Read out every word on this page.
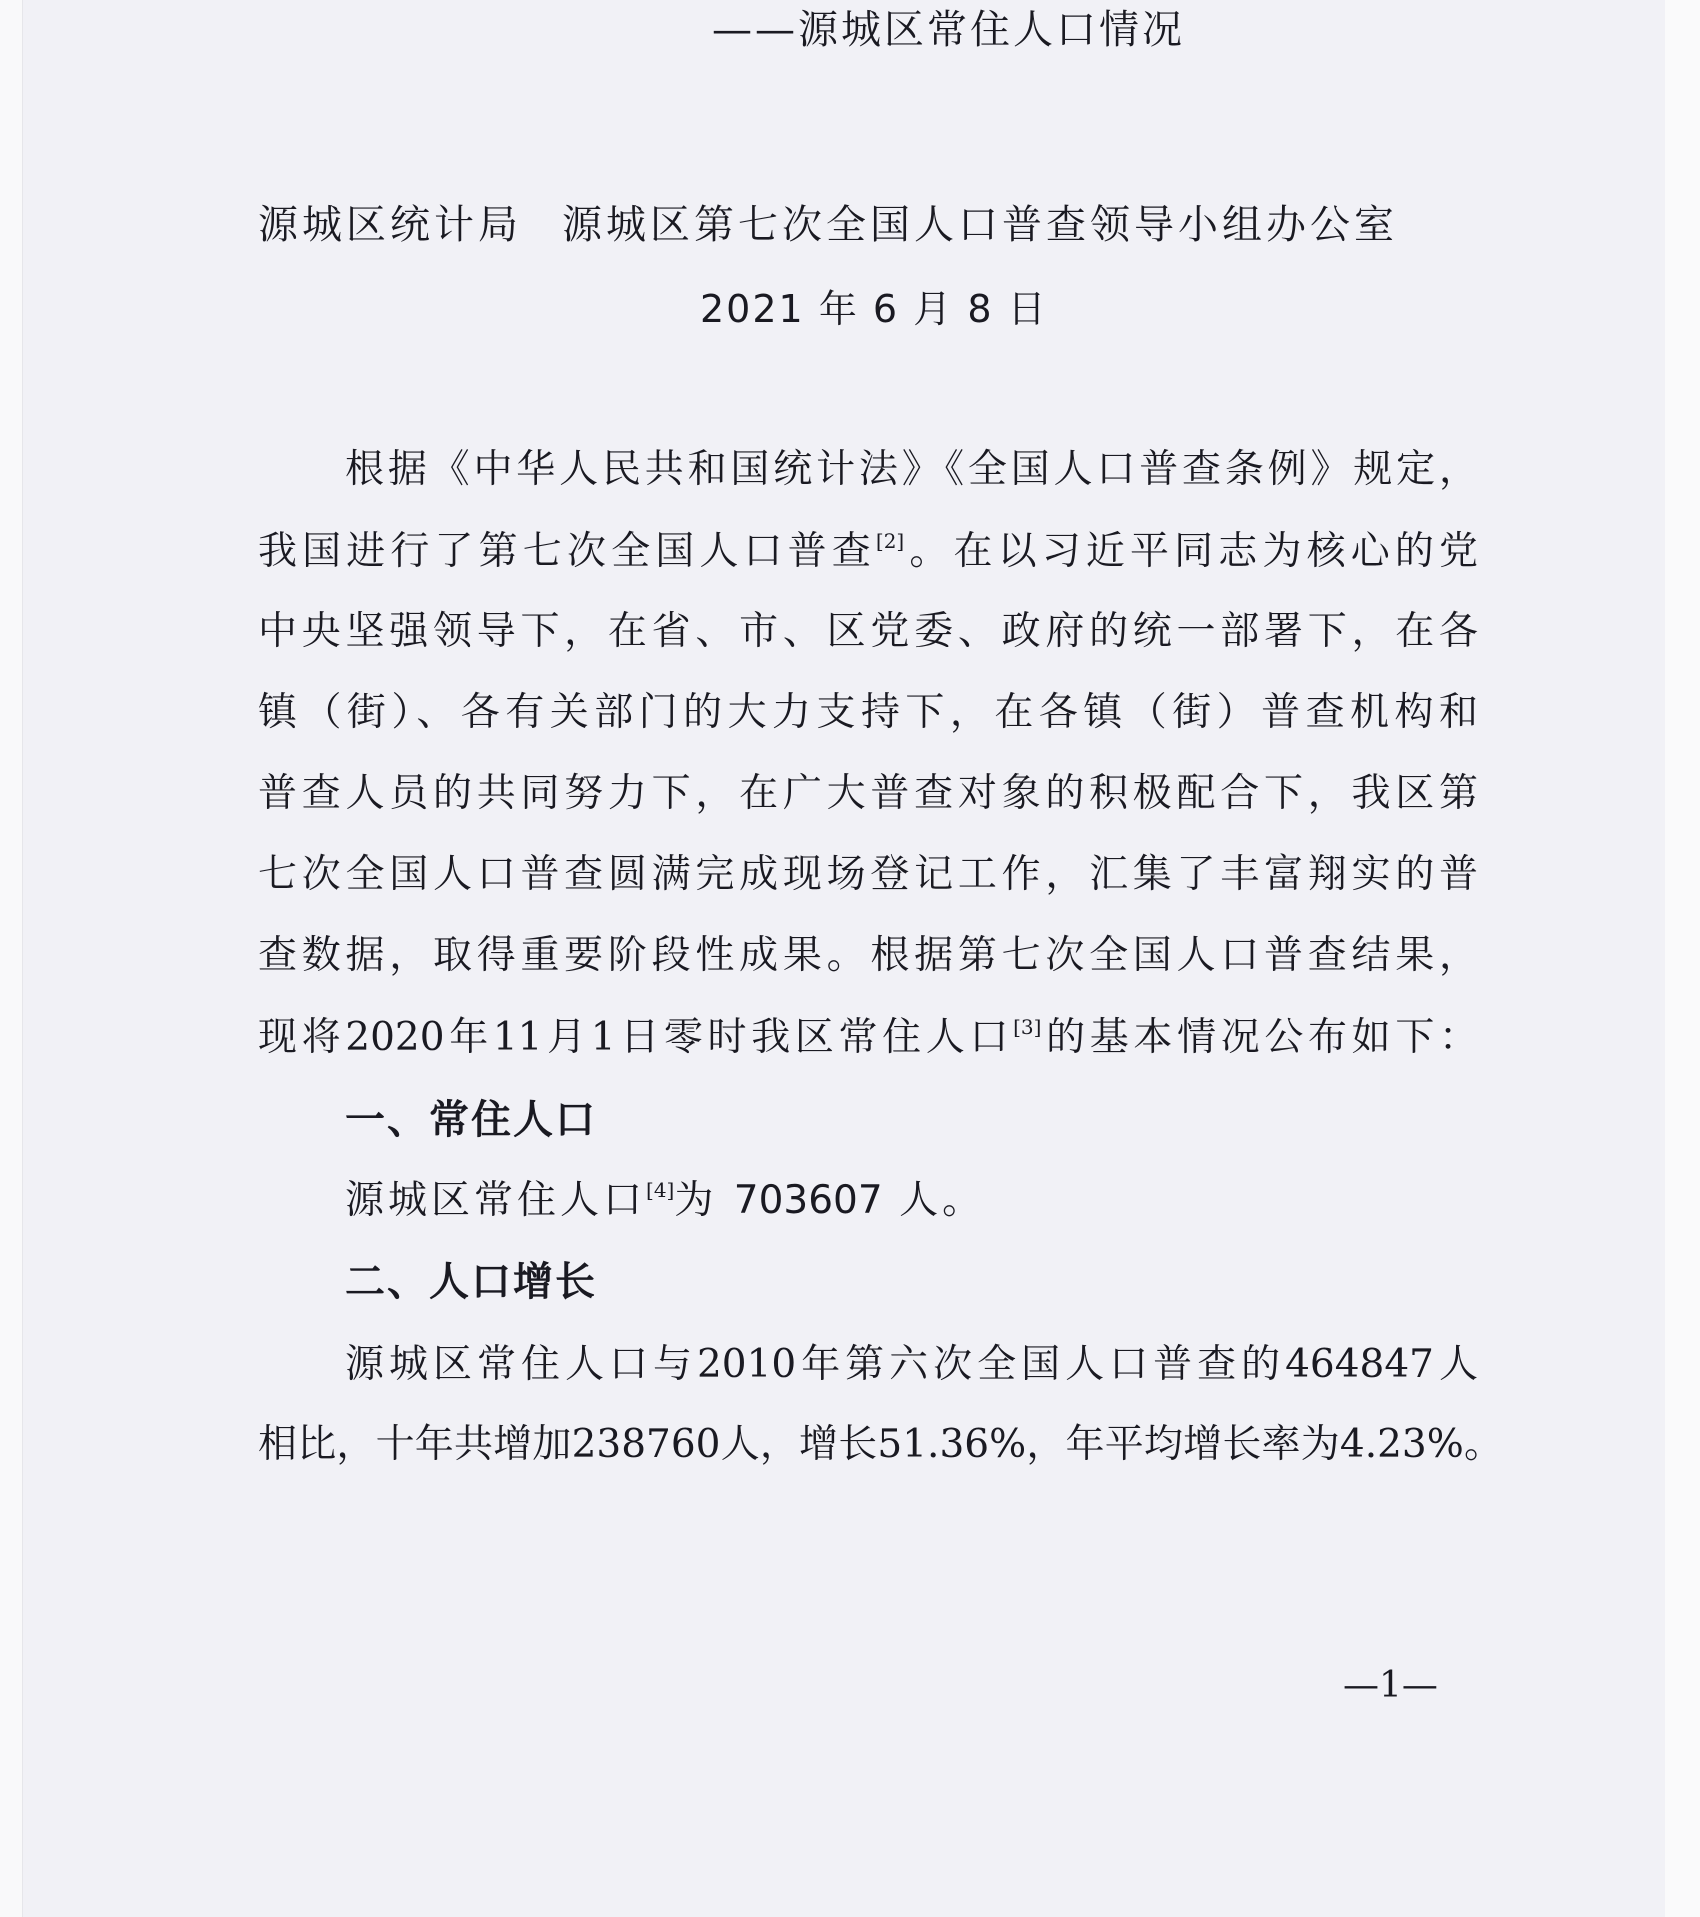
——源城区常住人口情况
源城区统计局 源城区第七次全国人口普查领导小组办公室
2021 年 6 月 8 日
根据《中华人民共和国统计法》《全国人口普查条例》规定，
我国进行了第七次全国人口普查[2]。在以习近平同志为核心的党
中央坚强领导下，在省、市、区党委、政府的统一部署下，在各
镇（街）、各有关部门的大力支持下，在各镇（街）普查机构和
普查人员的共同努力下，在广大普查对象的积极配合下，我区第
七次全国人口普查圆满完成现场登记工作，汇集了丰富翔实的普
查数据，取得重要阶段性成果。根据第七次全国人口普查结果，
现将2020年11月1日零时我区常住人口[3]的基本情况公布如下：
一、常住人口
源城区常住人口[4]为 703607 人。
二、人口增长
源城区常住人口与2010年第六次全国人口普查的464847人
相比，十年共增加238760人，增长51.36%，年平均增长率为4.23%。
—1—
